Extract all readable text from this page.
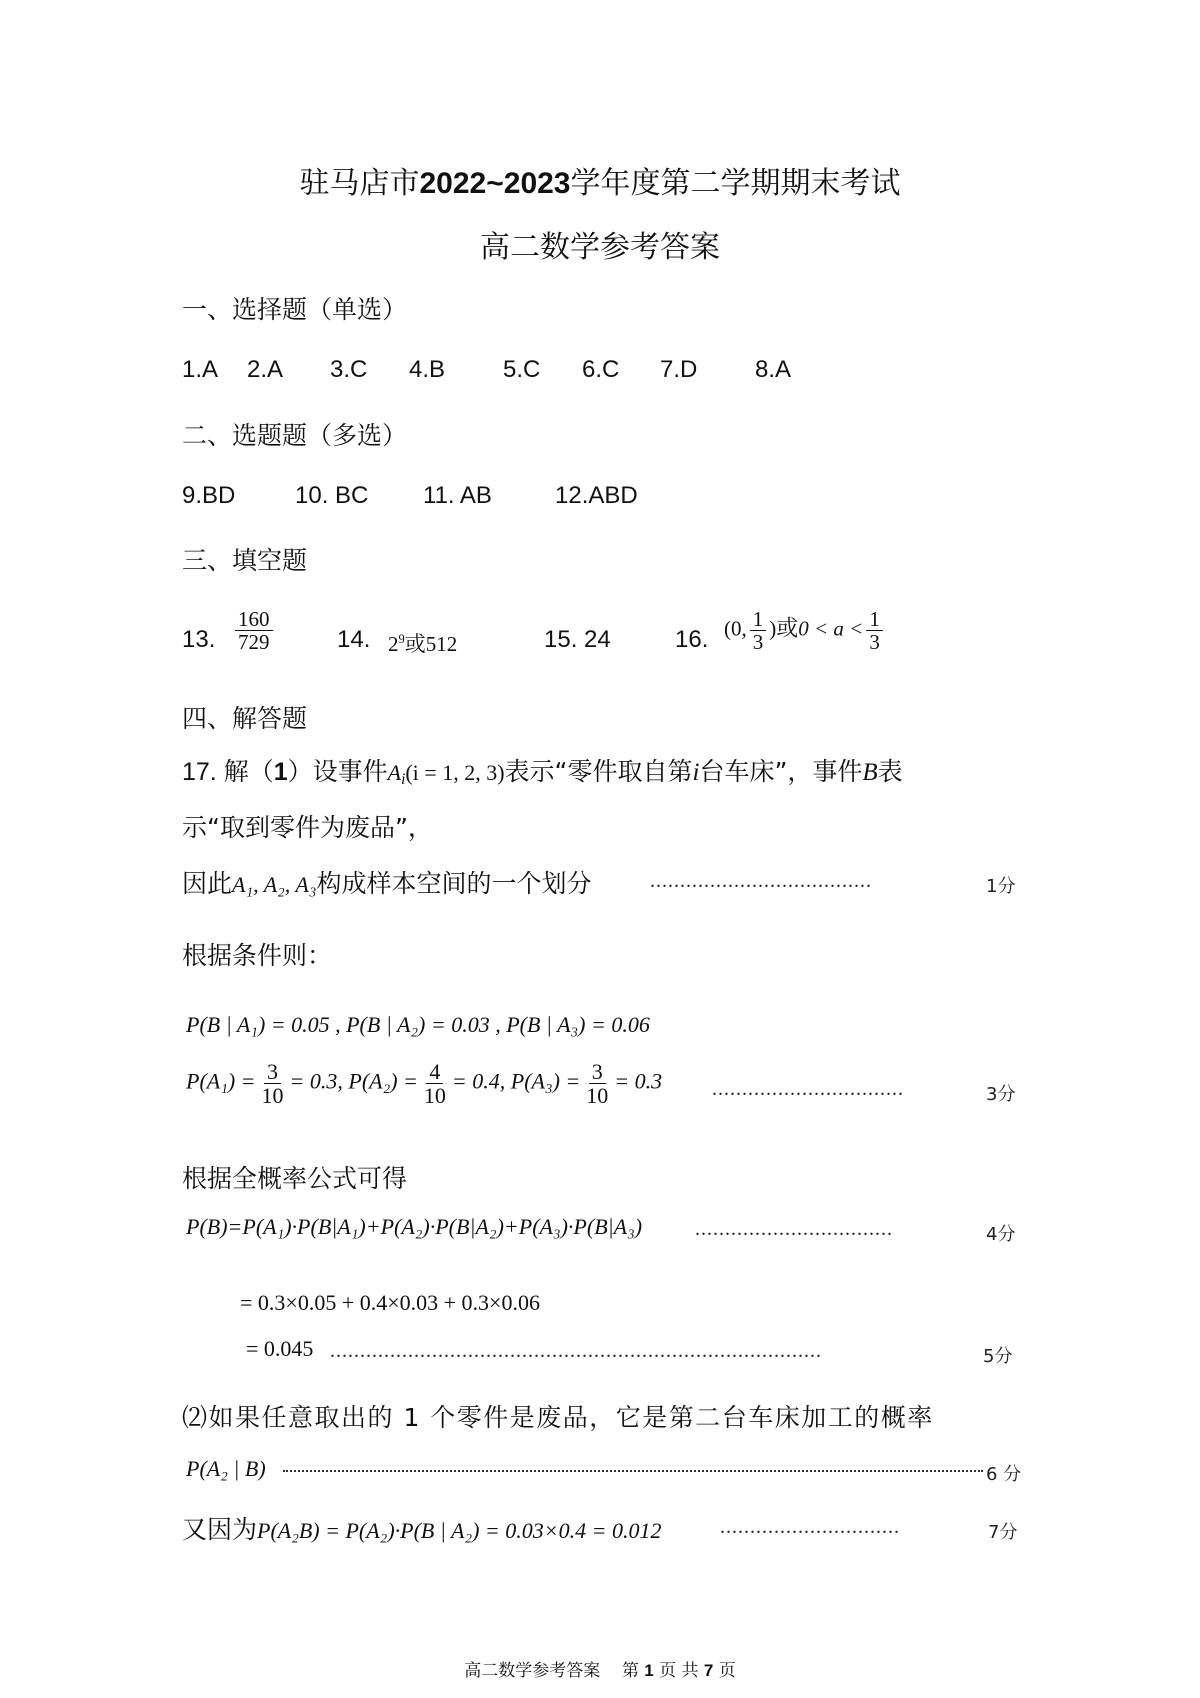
驻马店市2022~2023学年度第二学期期末考试
高二数学参考答案
一、选择题（单选）
1.A 2.A 3.C 4.B 5.C 6.C 7.D 8.A
二、选题题（多选）
9.BD 10. BC 11. AB	12.ABD
三、填空题
13. $\frac{160}{729}$	14. $2^9$或512	15. 24	16. (0, $\frac{1}{3}$ )或$0 < a < \frac{1}{3}$
四、解答题
17. 解（1）设事件$A_i(i = 1$, 2, 3)表示“零件取自第i台车床”，事件B表
示“取到零件为废品”，
因此A₁, A₂, A₃构成样本空间的一个划分	.....................................	1分
根据条件则：
P(B | A₁) = 0.05 , P(B | A₂) = 0.03 , P(B | A₃) = 0.06
$P(A_1) = \frac{3}{10} = 0.3$, $P(A_2) = \frac{4}{10} = 0.4$, $P(A_3) = \frac{3}{10} = 0.3$ ................................	3分
根据全概率公式可得
P(B)=P(A₁)·P(B|A₁)+P(A₂)·P(B|A₂)+P(A₃)·P(B|A₃)	.................................	4分
= 0.3×0.05 + 0.4×0.03 + 0.3×0.06
= 0.045 ..................................................................................	5分
⑵如果任意取出的 1 个零件是废品，它是第二台车床加工的概率
P(A₂ | B)	6 分
又因为P(A₂B) = P(A₂)·P(B | A₂) = 0.03×0.4 = 0.012	..............................	7分
高二数学参考答案 第 1 页 共 7 页
